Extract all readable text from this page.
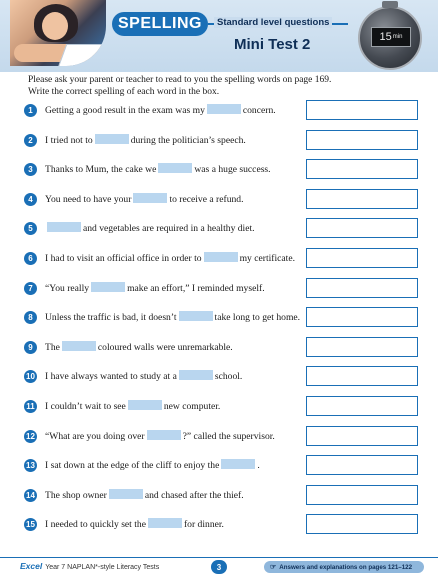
SPELLING	Standard level questions
Mini Test 2	15 min
Please ask your parent or teacher to read to you the spelling words on page 169.
Write the correct spelling of each word in the box.
1	Getting a good result in the exam was my	concern.
2	I tried not to	during the politician’s speech.
3	Thanks to Mum, the cake we	was a huge success.
4	You need to have your	to receive a refund.
5	and vegetables are required in a healthy diet.
6	I had to visit an official office in order to	my certificate.
7	“You really	make an effort,” I reminded myself.
8	Unless the traffic is bad, it doesn’t	take long to get home.
9	The	coloured walls were unremarkable.
10 I have always wanted to study at a	school.
11 I couldn’t wait to see	new computer.
12 “What are you doing over	?” called the supervisor.
13 I sat down at the edge of the cliff to enjoy the	.
14 The shop owner	and chased after the thief.
15 I needed to quickly set the	for dinner.
Excel Year 7 NAPLAN*-style Literacy Tests	3	☞ Answers and explanations on pages 121–122
